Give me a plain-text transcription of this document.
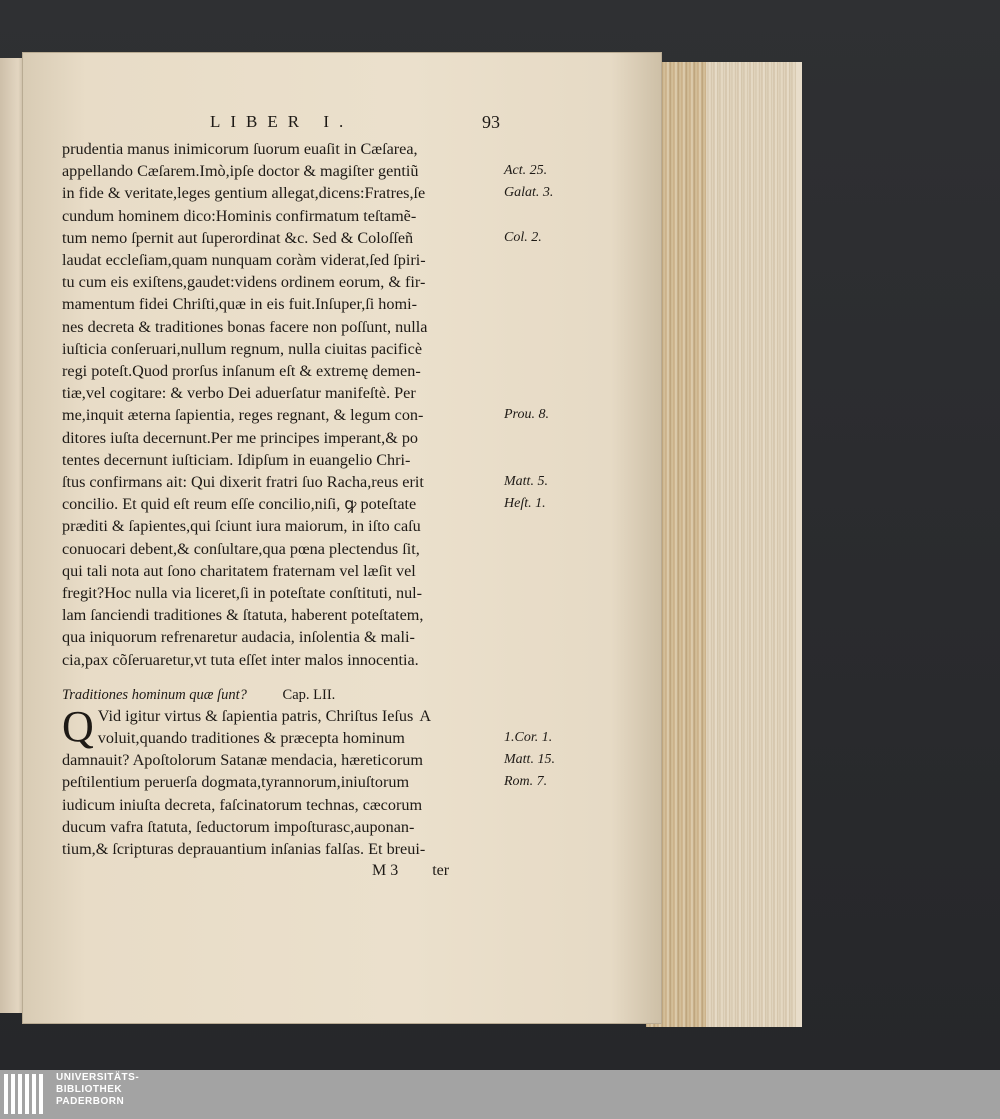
LIBER I.	93
prudentia manus inimicorum ſuorum euaſit in Cæſarea,
appellando Cæſarem.Imò,ipſe doctor & magiſter gentiũ	Act. 25.
in fide & veritate,leges gentium allegat,dicens:Fratres,ſe	Galat. 3.
cundum hominem dico:Hominis confirmatum teſtamẽ-
tum nemo ſpernit aut ſuperordinat &c. Sed & Coloſſeñ	Col. 2.
laudat eccleſiam,quam nunquam coràm viderat,ſed ſpiri-
tu cum eis exiſtens,gaudet:videns ordinem eorum, & fir-
mamentum fidei Chriſti,quæ in eis fuit.Inſuper,ſi homi-
nes decreta & traditiones bonas facere non poſſunt, nulla
iuſticia conſeruari,nullum regnum, nulla ciuitas pacificè
regi poteſt.Quod prorſus inſanum eſt & extremę demen-
tiæ,vel cogitare: & verbo Dei aduerſatur manifeſtè. Per
me,inquit æterna ſapientia, reges regnant, & legum con-	Prou. 8.
ditores iuſta decernunt.Per me principes imperant,& po
tentes decernunt iuſticiam. Idipſum in euangelio Chri-
ſtus confirmans ait: Qui dixerit fratri ſuo Racha,reus erit	Matt. 5.
concilio. Et quid eſt reum eſſe concilio,niſi, ꝙ poteſtate	Heſt. 1.
præditi & ſapientes,qui ſciunt iura maiorum, in iſto caſu
conuocari debent,& conſultare,qua pœna plectendus ſit,
qui tali nota aut ſono charitatem fraternam vel læſit vel
fregit?Hoc nulla via liceret,ſi in poteſtate conſtituti, nul-
lam ſanciendi traditiones & ſtatuta, haberent poteſtatem,
qua iniquorum refrenaretur audacia, inſolentia & mali-
cia,pax cõſeruaretur,vt tuta eſſet inter malos innocentia.
Traditiones hominum quæ ſunt? Cap. LII.
Q Vid igitur virtus & ſapientia patris, Chriſtus Ieſus A
voluit,quando traditiones & præcepta hominum	1.Cor. 1.
damnauit? Apoſtolorum Satanæ mendacia, hæreticorum	Matt. 15.
peſtilentium peruerſa dogmata,tyrannorum,iniuſtorum	Rom. 7.
iudicum iniuſta decreta, faſcinatorum technas, cæcorum
ducum vafra ſtatuta, ſeductorum impoſturasc,auponan-
tium,& ſcripturas deprauantium inſanias falſas. Et breui-
M 3 ter
UNIVERSITÄTS-
BIBLIOTHEK
PADERBORN
